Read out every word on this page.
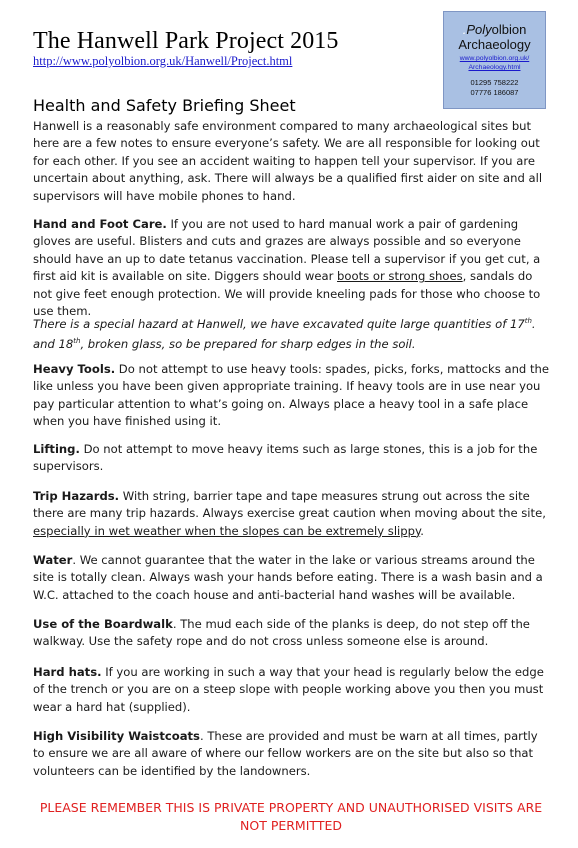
The Hanwell Park Project 2015
http://www.polyolbion.org.uk/Hanwell/Project.html
.Polyolbion
Archaeology
www.polyolbion.org.uk/
Archaeology.html
01295 758222
07776 186087
Health and Safety Briefing Sheet

Hanwell is a reasonably safe environment compared to many archaeological sites but here are a few notes to ensure everyone’s safety. We are all responsible for looking out for each other. If you see an accident waiting to happen tell your supervisor. If you are uncertain about anything, ask. There will always be a qualified first aider on site and all supervisors will have mobile phones to hand.

Hand and Foot Care. If you are not used to hard manual work a pair of gardening gloves are useful. Blisters and cuts and grazes are always possible and so everyone should have an up to date tetanus vaccination. Please tell a supervisor if you get cut, a first aid kit is available on site. Diggers should wear boots or strong shoes, sandals do not give feet enough protection. We will provide kneeling pads for those who choose to use them.

There is a special hazard at Hanwell, we have excavated quite large quantities of 17th. and 18th, broken glass, so be prepared for sharp edges in the soil.

Heavy Tools. Do not attempt to use heavy tools: spades, picks, forks, mattocks and the like unless you have been given appropriate training. If heavy tools are in use near you pay particular attention to what’s going on. Always place a heavy tool in a safe place when you have finished using it.

Lifting. Do not attempt to move heavy items such as large stones, this is a job for the supervisors.

Trip Hazards. With string, barrier tape and tape measures strung out across the site there are many trip hazards. Always exercise great caution when moving about the site, especially in wet weather when the slopes can be extremely slippy.

Water. We cannot guarantee that the water in the lake or various streams around the site is totally clean. Always wash your hands before eating. There is a wash basin and a W.C. attached to the coach house and anti-bacterial hand washes will be available.

Use of the Boardwalk. The mud each side of the planks is deep, do not step off the walkway. Use the safety rope and do not cross unless someone else is around.

Hard hats. If you are working in such a way that your head is regularly below the edge of the trench or you are on a steep slope with people working above you then you must wear a hard hat (supplied).

High Visibility Waistcoats. These are provided and must be warn at all times, partly to ensure we are all aware of where our fellow workers are on the site but also so that volunteers can be identified by the landowners.

PLEASE REMEMBER THIS IS PRIVATE PROPERTY AND UNAUTHORISED VISITS ARE NOT PERMITTED
